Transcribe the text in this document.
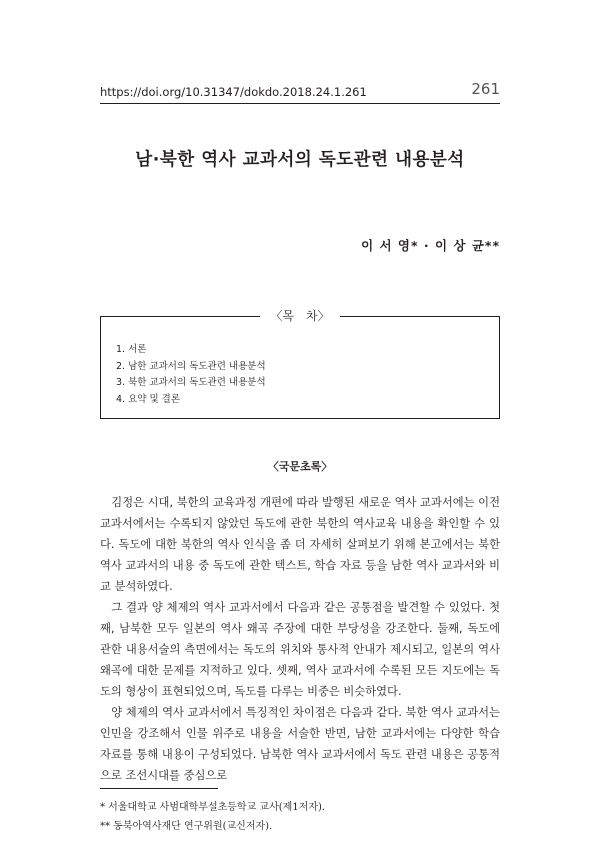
https://doi.org/10.31347/dokdo.2018.24.1.261	261
남·북한 역사 교과서의 독도관련 내용분석
이 서 영* · 이 상 균**
〈목　차〉
1. 서론
2. 남한 교과서의 독도관련 내용분석
3. 북한 교과서의 독도관련 내용분석
4. 요약 및 결론
〈국문초록〉

김정은 시대, 북한의 교육과정 개편에 따라 발행된 새로운 역사 교과서에는 이전 교과서에서는 수록되지 않았던 독도에 관한 북한의 역사교육 내용을 확인할 수 있다. 독도에 대한 북한의 역사 인식을 좀 더 자세히 살펴보기 위해 본고에서는 북한 역사 교과서의 내용 중 독도에 관한 텍스트, 학습 자료 등을 남한 역사 교과서와 비교 분석하였다.

그 결과 양 체제의 역사 교과서에서 다음과 같은 공통점을 발견할 수 있었다. 첫째, 남북한 모두 일본의 역사 왜곡 주장에 대한 부당성을 강조한다. 둘째, 독도에 관한 내용서술의 측면에서는 독도의 위치와 통사적 안내가 제시되고, 일본의 역사왜곡에 대한 문제를 지적하고 있다. 셋째, 역사 교과서에 수록된 모든 지도에는 독도의 형상이 표현되었으며, 독도를 다루는 비중은 비슷하였다.

양 체제의 역사 교과서에서 특징적인 차이점은 다음과 같다. 북한 역사 교과서는 인민을 강조해서 인물 위주로 내용을 서술한 반면, 남한 교과서에는 다양한 학습 자료를 통해 내용이 구성되었다. 남북한 역사 교과서에서 독도 관련 내용은 공통적으로 조선시대를 중심으로

* 서울대학교 사범대학부설초등학교 교사(제1저자).
** 동북아역사재단 연구위원(교신저자).
